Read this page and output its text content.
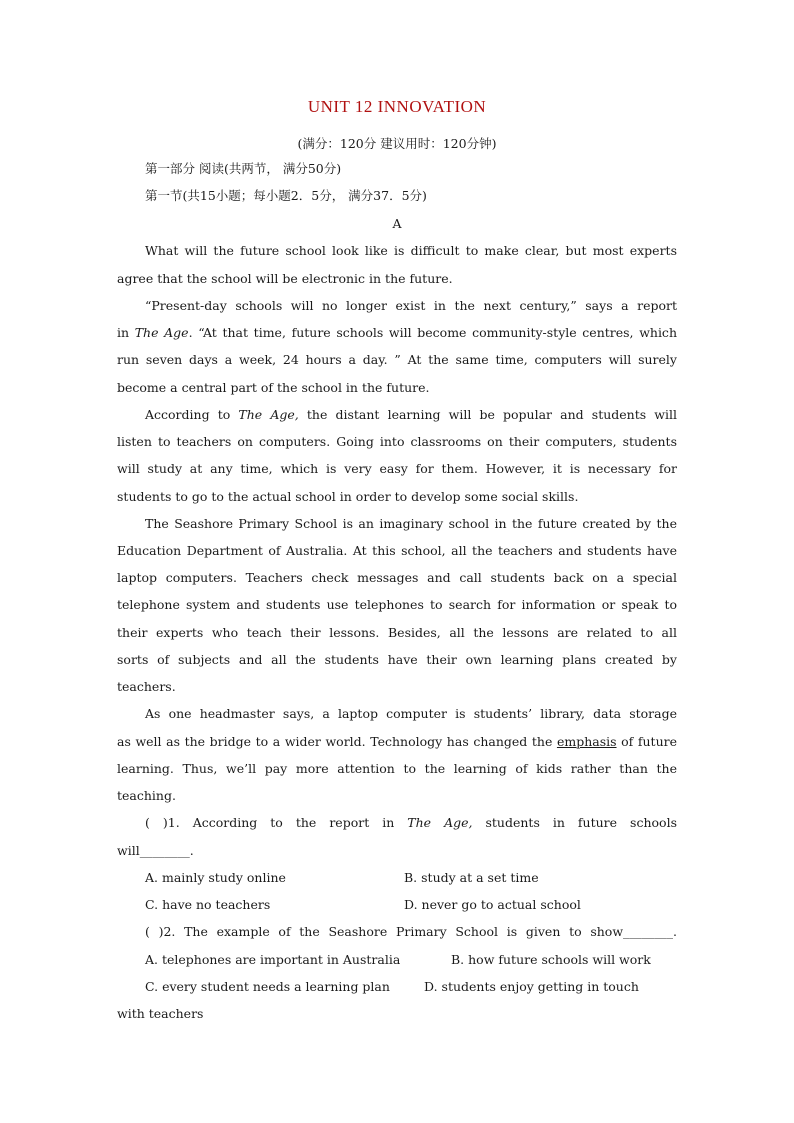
UNIT 12 INNOVATION
(满分：120分 建议用时：120分钟)
第一部分 阅读(共两节， 满分50分)
第一节(共15小题；每小题2．5分， 满分37．5分)
A
What will the future school look like is difficult to make clear, but most experts
agree that the school will be electronic in the future.
“Present-day schools will no longer exist in the next century,” says a report
in The Age. “At that time, future schools will become community-style centres, which
run seven days a week, 24 hours a day. ” At the same time, computers will surely
become a central part of the school in the future.
According to The Age, the distant learning will be popular and students will
listen to teachers on computers. Going into classrooms on their computers, students
will study at any time, which is very easy for them. However, it is necessary for
students to go to the actual school in order to develop some social skills.
The Seashore Primary School is an imaginary school in the future created by the
Education Department of Australia. At this school, all the teachers and students have
laptop computers. Teachers check messages and call students back on a special
telephone system and students use telephones to search for information or speak to
their experts who teach their lessons. Besides, all the lessons are related to all
sorts of subjects and all the students have their own learning plans created by
teachers.
As one headmaster says, a laptop computer is students’ library, data storage
as well as the bridge to a wider world. Technology has changed the emphasis of future
learning. Thus, we’ll pay more attention to the learning of kids rather than the
teaching.
( )1. According to the report in The Age, students in future schools
will________.
A. mainly study online	B. study at a set time
C. have no teachers	D. never go to actual school
( )2. The example of the Seashore Primary School is given to show________.
A. telephones are important in Australia	B. how future schools will work
C. every student needs a learning plan	D. students enjoy getting in touch
with teachers
